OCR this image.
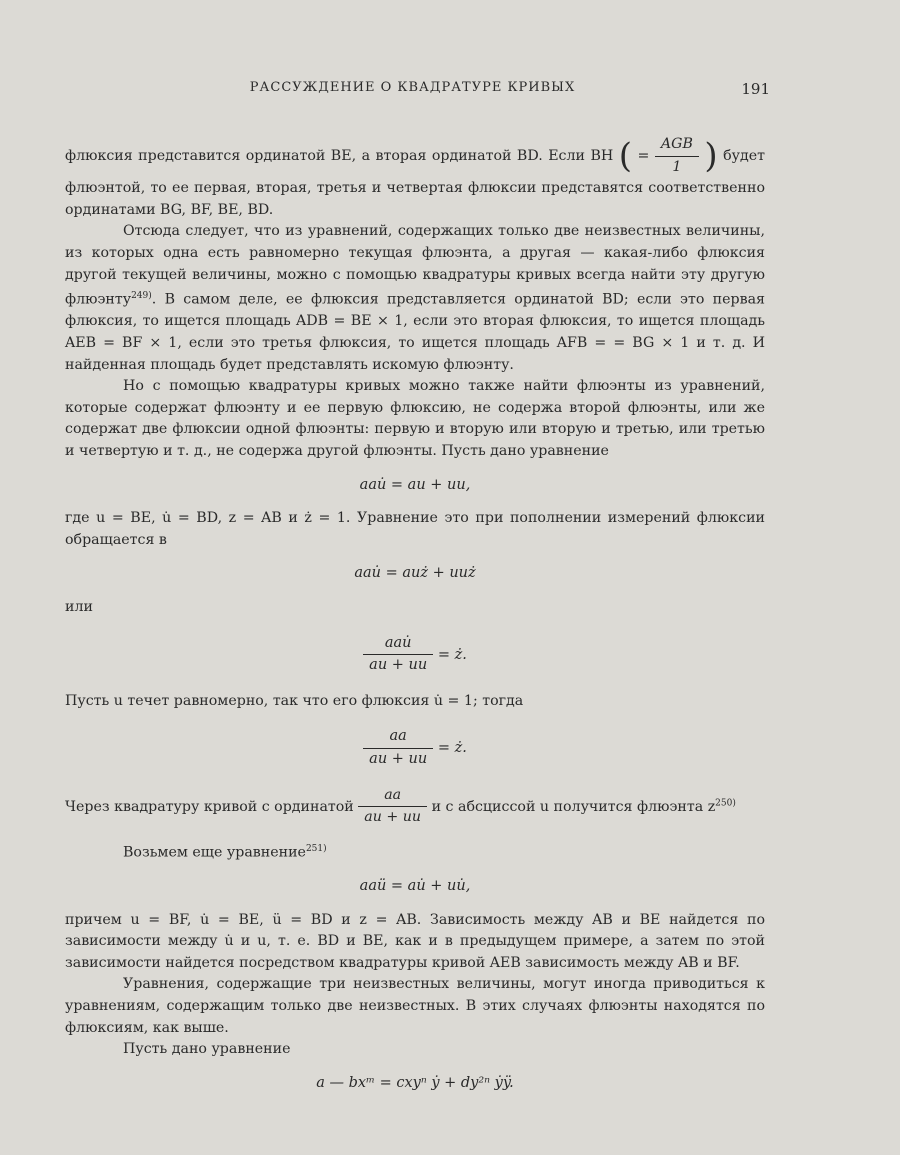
РАССУЖДЕНИЕ О КВАДРАТУРЕ КРИВЫХ	191

флюксия представится ординатой BE, а вторая ординатой BD. Если BH ( = $\frac{\text{AGB}}{1}$ ) будет флюэнтой, то ее первая, вторая, третья и четвертая флюксии представятся соответственно ординатами BG, BF, BE, BD.

Отсюда следует, что из уравнений, содержащих только две неизвестных величины, из которых одна есть равномерно текущая флюэнта, а другая — какая-либо флюксия другой текущей величины, можно с помощью квадратуры кривых всегда найти эту другую флюэнту$^{249)}$. В самом деле, ее флюксия представляется ординатой BD; если это первая флюксия, то ищется площадь ADB = BE × 1, если это вторая флюксия, то ищется площадь AEB = BF × 1, если это третья флюксия, то ищется площадь AFB = = BG × 1 и т. д. И найденная площадь будет представлять искомую флюэнту.

Но с помощью квадратуры кривых можно также найти флюэнты из уравнений, которые содержат флюэнту и ее первую флюксию, не содержа второй флюэнты, или же содержат две флюксии одной флюэнты: первую и вторую или вторую и третью, или третью и четвертую и т. д., не содержа другой флюэнты. Пусть дано уравнение

aau̇ = au + uu,

где u = BE, u̇ = BD, z = AB и ż = 1. Уравнение это при пополнении измерений флюксии обращается в

aau̇ = auż + uuż

или

$\frac{\text{aau̇}}{au + uu}$ = ż.

Пусть u течет равномерно, так что его флюксия u̇ = 1; тогда

$\frac{aa}{au + uu}$ = ż.

Через квадратуру кривой с ординатой $\frac{aa}{au + uu}$ и с абсциссой u получится флюэнта $z^{250)}$

Возьмем еще уравнение$^{251)}$

aaü = au̇ + uu̇,

причем u = BF, u̇ = BE, ü = BD и z = AB. Зависимость между AB и BE найдется по зависимости между u̇ и u, т. е. BD и BE, как и в предыдущем примере, а затем по этой зависимости найдется посредством квадратуры кривой AEB зависимость между AB и BF.

Уравнения, содержащие три неизвестных величины, могут иногда приводиться к уравнениям, содержащим только две неизвестных. В этих случаях флюэнты находятся по флюксиям, как выше.

Пусть дано уравнение

a — bxᵐ = cxyⁿ ẏ + dy²ⁿ ẏÿ.
